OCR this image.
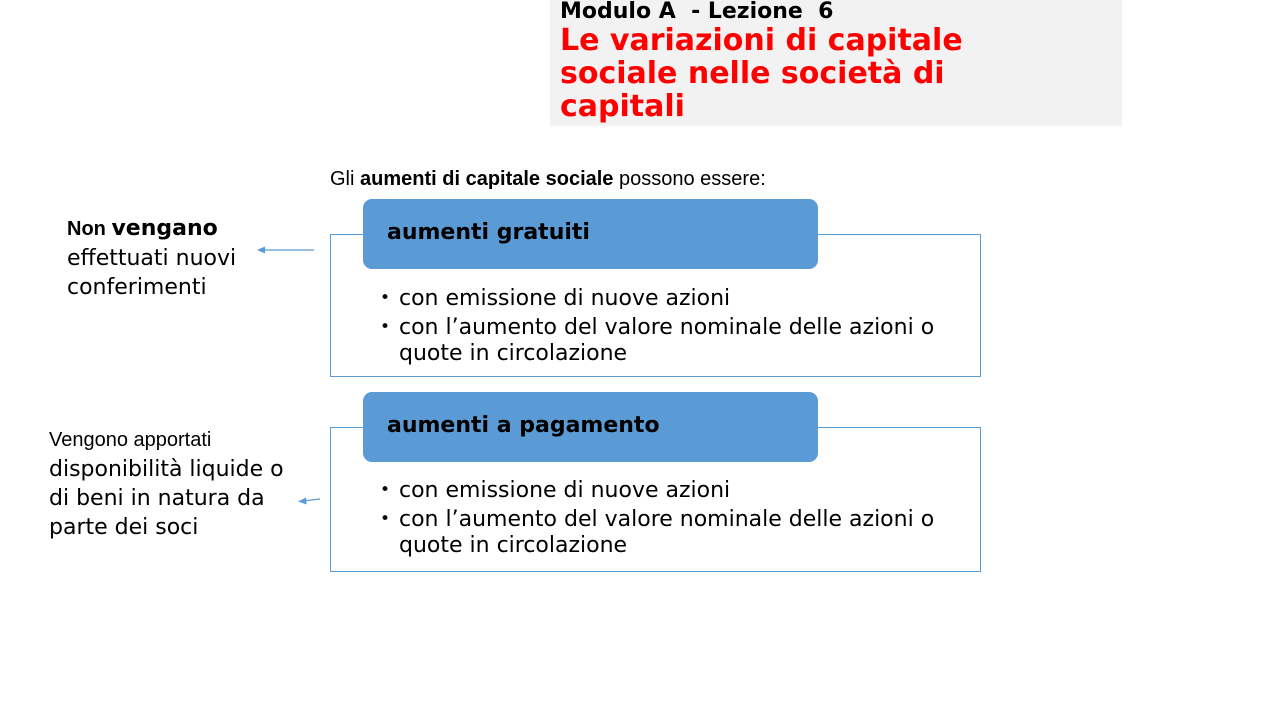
Modulo A  - Lezione  6
Le variazioni di capitale sociale nelle società di capitali
Gli aumenti di capitale sociale possono essere:
aumenti gratuiti
• con emissione di nuove azioni
• con l’aumento del valore nominale delle azioni o quote in circolazione
aumenti a pagamento
• con emissione di nuove azioni
• con l’aumento del valore nominale delle azioni o quote in circolazione
Non vengano
effettuati nuovi conferimenti
Vengono apportati
disponibilità liquide o di beni in natura da parte dei soci
